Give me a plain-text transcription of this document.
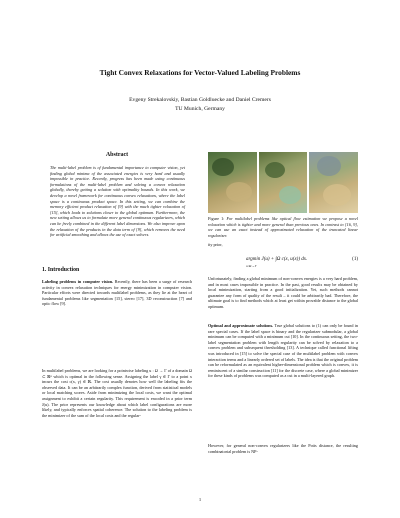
Tight Convex Relaxations for Vector-Valued Labeling Problems
Evgeny Strekalovskiy, Bastian Goldluecke and Daniel Cremers
TU Munich, Germany
Abstract
The multi-label problem is of fundamental importance to computer vision, yet finding global minima of the associated energies is very hard and usually impossible in practice. Recently, progress has been made using continuous formulations of the multi-label problem and solving a convex relaxation globally, thereby getting a solution with optimality bounds. In this work, we develop a novel framework for continuous convex relaxations, where the label space is a continuous product space. In this setting, we can combine the memory efficient product relaxation of [9] with the much tighter relaxation of [15], which leads to solutions closer to the global optimum. Furthermore, the new setting allows us to formulate more general continuous regularizers, which can be freely combined in the different label dimensions. We also improve upon the relaxation of the products in the data term of [9], which removes the need for artificial smoothing and allows the use of exact solvers.
1. Introduction
Labeling problems in computer vision. Recently, there has been a surge of research activity in convex relaxation techniques for energy minimization in computer vision. Particular efforts were directed towards multilabel problems, as they lie at the heart of fundamental problems like segmentation [15], stereo [17], 3D reconstruction [7] and optic flow [9].
In multilabel problems, we are looking for a pointwise labeling u : Ω → Γ of a domain Ω ⊂ ℝⁿ which is optimal in the following sense. Assigning the label γ ∈ Γ to a point x incurs the cost c(x, γ) ∈ ℝ. The cost usually denotes how well the labeling fits the observed data. It can be an arbitrarily complex function, derived from statistical models or local matching scores. Aside from minimizing the local costs, we want the optimal assignment to exhibit a certain regularity. This requirement is encoded in a prior term J(u). The prior represents our knowledge about which label configurations are more likely, and typically enforces spatial coherence. The solution to the labeling problem is the minimizer of the sum of the local costs and the regular-
Figure 1: For multilabel problems like optical flow estimation we propose a novel relaxation which is tighter and more general than previous ones. In contrast to [16, 9], we can use an exact instead of approximated relaxation of the truncated linear regularizer.
ity prior,
argmin J(u) + ∫Ω c(x, u(x)) dx.
u:Ω→Γ
(1)
Unfortunately, finding a global minimum of non-convex energies is a very hard problem, and in most cases impossible in practice. In the past, good results may be obtained by local minimization, starting from a good initialization. Yet, such methods cannot guarantee any form of quality of the result – it could be arbitrarily bad. Therefore, the ultimate goal is to find methods which at least get within provable distance to the global optimum.
Optimal and approximate solutions. True global solutions to (1) can only be found in rare special cases. If the label space is binary and the regularizer submodular, a global minimum can be computed with a minimum cut [10]. In the continuous setting, the two-label segmentation problem with length regularity can be solved by relaxation to a convex problem and subsequent thresholding [13]. A technique called functional lifting was introduced in [15] to solve the special case of the multilabel problem with convex interaction terms and a linearly ordered set of labels. The idea is that the original problem can be reformulated as an equivalent higher-dimensional problem which is convex, it is reminiscent of a similar construction [11] for the discrete case, where a global minimizer for these kinds of problems was computed as a cut in a multi-layered graph.
However, for general non-convex regularizers like the Potts distance, the resulting combinatorial problem is NP-
1
